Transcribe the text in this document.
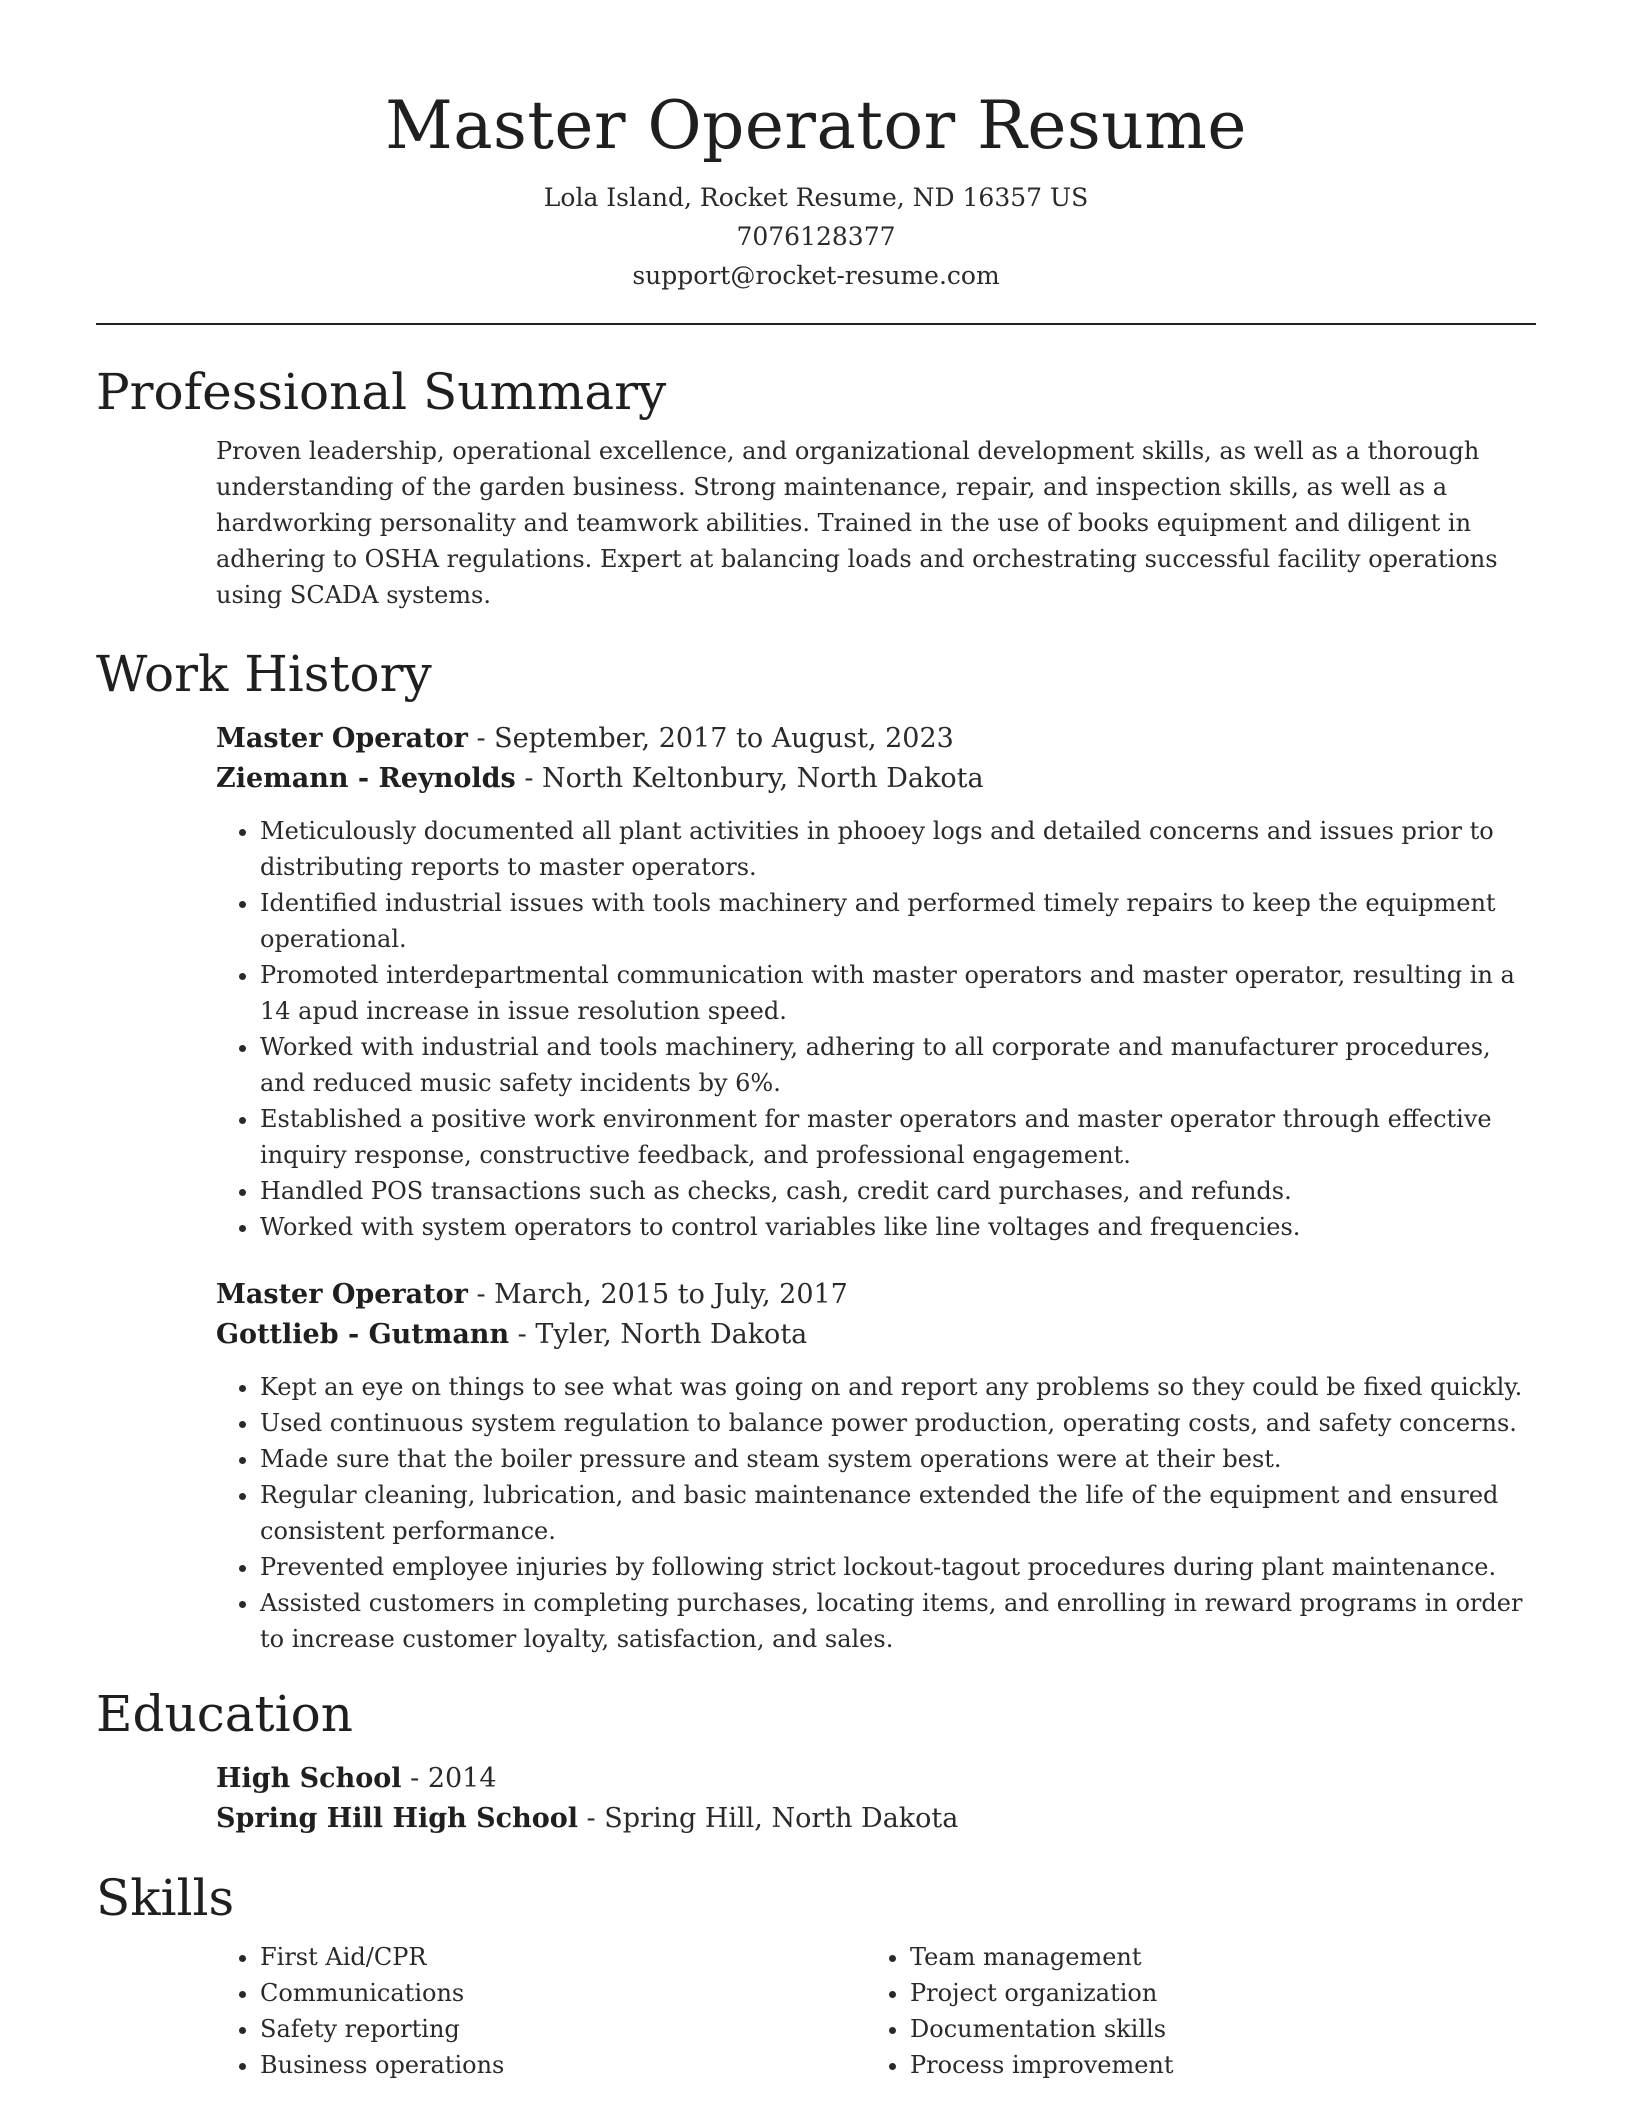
Master Operator Resume
Lola Island, Rocket Resume, ND 16357 US
7076128377
support@rocket-resume.com
Professional Summary

Proven leadership, operational excellence, and organizational development skills, as well as a thorough understanding of the garden business. Strong maintenance, repair, and inspection skills, as well as a hardworking personality and teamwork abilities. Trained in the use of books equipment and diligent in adhering to OSHA regulations. Expert at balancing loads and orchestrating successful facility operations using SCADA systems.

Work History
Master Operator - September, 2017 to August, 2023
Ziemann - Reynolds - North Keltonbury, North Dakota
• Meticulously documented all plant activities in phooey logs and detailed concerns and issues prior to distributing reports to master operators.
• Identified industrial issues with tools machinery and performed timely repairs to keep the equipment operational.
• Promoted interdepartmental communication with master operators and master operator, resulting in a 14 apud increase in issue resolution speed.
• Worked with industrial and tools machinery, adhering to all corporate and manufacturer procedures, and reduced music safety incidents by 6%.
• Established a positive work environment for master operators and master operator through effective inquiry response, constructive feedback, and professional engagement.
• Handled POS transactions such as checks, cash, credit card purchases, and refunds.
• Worked with system operators to control variables like line voltages and frequencies.
Master Operator - March, 2015 to July, 2017
Gottlieb - Gutmann - Tyler, North Dakota
• Kept an eye on things to see what was going on and report any problems so they could be fixed quickly.
• Used continuous system regulation to balance power production, operating costs, and safety concerns.
• Made sure that the boiler pressure and steam system operations were at their best.
• Regular cleaning, lubrication, and basic maintenance extended the life of the equipment and ensured consistent performance.
• Prevented employee injuries by following strict lockout-tagout procedures during plant maintenance.
• Assisted customers in completing purchases, locating items, and enrolling in reward programs in order to increase customer loyalty, satisfaction, and sales.
Education
High School - 2014
Spring Hill High School - Spring Hill, North Dakota
Skills
• First Aid/CPR
• Communications
• Safety reporting
• Business operations
• Team management
• Project organization
• Documentation skills
• Process improvement
